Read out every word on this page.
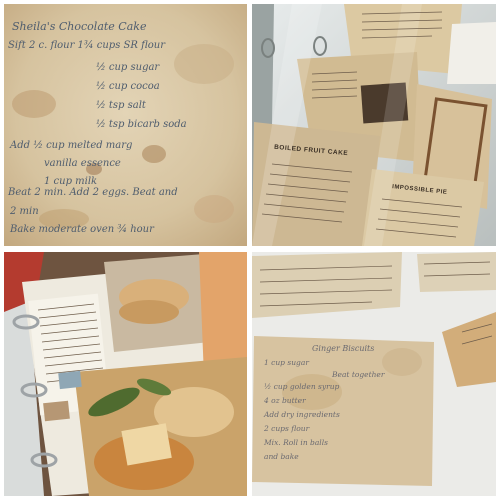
Sheila's Chocolate Cake
Sift 2 c. flour 1¾ cups SR flour
½ cup sugar
½ cup cocoa
½ tsp salt
½ tsp bicarb soda
Add ½ cup melted marg
vanilla essence
1 cup milk
Beat 2 min. Add 2 eggs. Beat and
2 min
Bake moderate oven ¾ hour
BOILED FRUIT CAKE
IMPOSSIBLE PIE
Ginger Biscuits
1 cup sugar
Beat together
½ cup golden syrup
4 oz butter
Add dry ingredients
2 cups flour
Mix. Roll in balls
and bake
